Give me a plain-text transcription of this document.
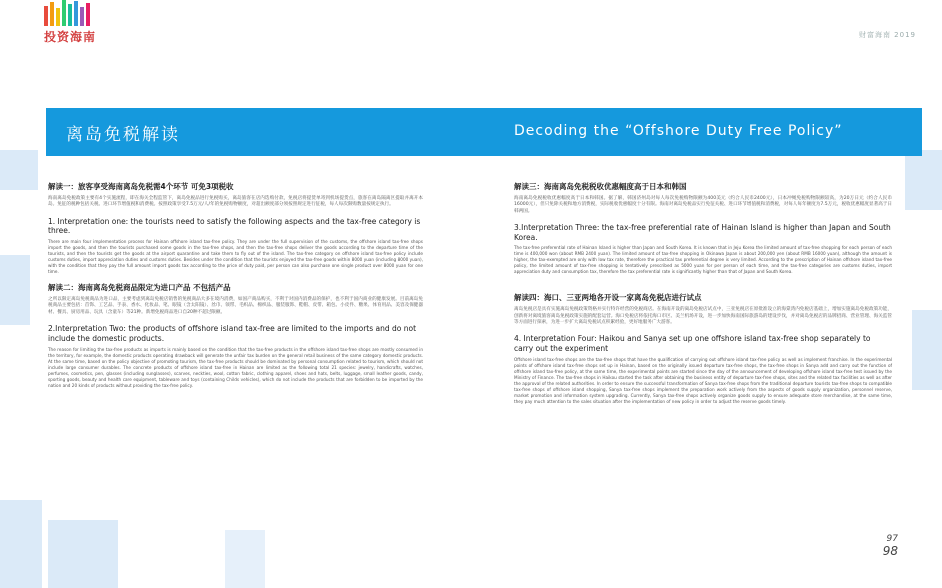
投资海南	财富海南 2019
离岛免税解读	Decoding the “Offshore Duty Free Policy”

解读一：旅客享受海南离岛免税需4个环节 可免3项税收

海南离岛免税政策主要有4个实施流程，即在海关全程监管下，离岛免税品进行免税购买，离岛旅客在店内选购付款，免税店将提货单寄到机场提货点，旅客在离岛隔离区提取并离开本岛。免征的税种包括关税、进口环节增值税和消费税。按照政策享受7.5万元/人/年的免税购物额度，对超出额度部分须按照规定进行征税，每人每次限购数量按规定执行。

1. Interpretation one: the tourists need to satisfy the following aspects and the tax-free category is three.

There are main four implementation process for Hainan offshore island tax-free policy. They are under the full supervision of the customs, the offshore island tax-free shops import the goods, and then the tourists purchased some goods in the tax-free shops, and then the tax-free shops deliver the goods according to the departure time of the tourists, and then the tourists get the goods at the airport quarantine and take them to fly out of the island. The tax-free category on offshore island tax-free policy include customs duties, import appreciation duties and customs duties. Besides under the condition that the tourists enjoyed the tax-free goods within 8000 yuan (including 8000 yuan), with the condition that they pay the full amount import goods tax according to the price of duty paid, per person can also purchase one single product over 8000 yuan for one time.

解读二：海南离岛免税商品限定为进口产品 不包括产品

之所以限定离岛免税商品为进口品，主要考虑到离岛免税店销售的免税商品大多在境内消费，如国产商品购买，不利于对国内消费品的保护，也不利于国内商业的健康发展。目前离岛免税商品主要包括：首饰、工艺品、手表、香水、化妆品、笔、眼镜（含太阳镜）、丝巾、领带、毛织品、棉织品、服装服饰、鞋帽、皮带、箱包、小皮件、糖果、体育用品、美容及保健器材、餐具、厨房用品、玩具（含童车）等21种。新增免税商品进口自20种不超过限额。

2.Interpretation Two: the products of offshore island tax-free are limited to the imports and do not include the domestic products.

The reason for limiting the tax-free products as imports is mainly based on the condition that the tax-free products in the offshore island tax-free shops are mostly consumed in the territory, for example, the domestic products operating drawback will generate the unfair tax burden on the general retail business of the same category domestic products. At the same time, based on the policy objective of promoting tourism, the tax-free products should be dominated by personal consumption related to tourism, which should not include large consumer durables. The concrete products of offshore island tax-free in Hainan are limited as the following total 21 species: jewelry, handicrafts, watches, perfumes, cosmetics, pen, glasses (including sunglasses), scarves, neckties, wool, cotton fabric, clothing apparel, shoes and hats, belts, luggage, small leather goods, candy, sporting goods, beauty and health care equipment, tableware and toys (containing Childs vehicles), which do not include the products that are forbidden to be imported by the nation and 20 kinds of products without providing the tax-free policy.

解读三：海南离岛免税税收优惠幅度高于日本和韩国

海南离岛免税税收优惠幅度高于日本和韩国。据了解，韩国济州岛对每人每次免税购物限额为400美元（约合人民币2400元），日本冲绳免税购物限额较高，为20万日元（约合人民币16000元），但只免除关税和地方消费税，实际税收优惠幅度十分有限。海南对离岛免税品实行免征关税、进口环节增值税和消费税，对每人每年额度为7.5万元，税收优惠幅度显著高于日韩两国。

3.Interpretation Three: the tax-free preferential rate of Hainan Island is higher than Japan and South Korea.

The tax-free preferential rate of Hainan Island is higher than Japan and South Korea. It is known that in Jeju Korea the limited amount of tax-free shopping for each person of each time is 400,000 won (about RMB 2400 yuan). The limited amount of tax-free shopping in Okinawa Japan is about 200,000 yen (about RMB 16000 yuan), although the amount is higher, the tax-exempted are only with low tax rate, therefore the practical tax preferential degree is very limited. According to the prescription of Hainan offshore island tax-free policy, the limited amount of tax-free shopping is tentatively prescribed as 5000 yuan for per person of each time, and the tax-free categories are customs duties, import appreciation duty and consumption tax, therefore the tax preferential rate is significantly higher than that of Japan and South Korea.

解读四：海口、三亚两地各开设一家离岛免税店进行试点

离岛免税店是具有实施离岛免税政策资格并实行特许经营的免税商店。在海南开设的离岛免税店试点中，三亚免税店在原批准设立的海棠湾内免税店基础上，增加实施离岛免税政策功能，创新将对离境旅客离岛免税政策实施的配套运营。海口免税店将依托海口市区、美兰机场开设，进一步加快海南国际旅游岛的建设步伐，并对离岛免税店的品牌招商、营业管理、海关监管等方面进行探索，为进一步扩大离岛免税试点积累经验，更好地服务广大游客。

4. Interpretation Four: Haikou and Sanya set up one offshore island tax-free shop separately to carry out the experiment

Offshore island tax-free shops are the tax-free shops that have the qualification of carrying out offshore island tax-free policy as well as implement franchise. In the experimental points of offshore island tax-free shops set up in Hainan, based on the originally issued departure tax-free shops, the tax-free shops in Sanya add and carry out the function of offshore island tax-free policy, at the same time, the experimental points are started since the day of the announcement of developing offshore island tax-free test issued by the Ministry of Finance. The tax-free shops in Haikou started the task after obtaining the business entity of departure tax-free shops, sites and the related tax facilities as well as after the approval of the related authorities. In order to ensure the successful transformation of Sanya tax-free shops from the traditional departure tourists tax-free shops to compatible tax-free shops of offshore island shopping, Sanya tax-free shops implement the preparation work actively from the aspects of goods supply organization, personnel reserve, market promotion and information system upgrading. Currently, Sanya tax-free shops actively organize goods supply to ensure adequate store merchandise, at the same time, they pay much attention to the sales situation after the implementation of new policy in order to adjust the reserve goods timely.

97
98
